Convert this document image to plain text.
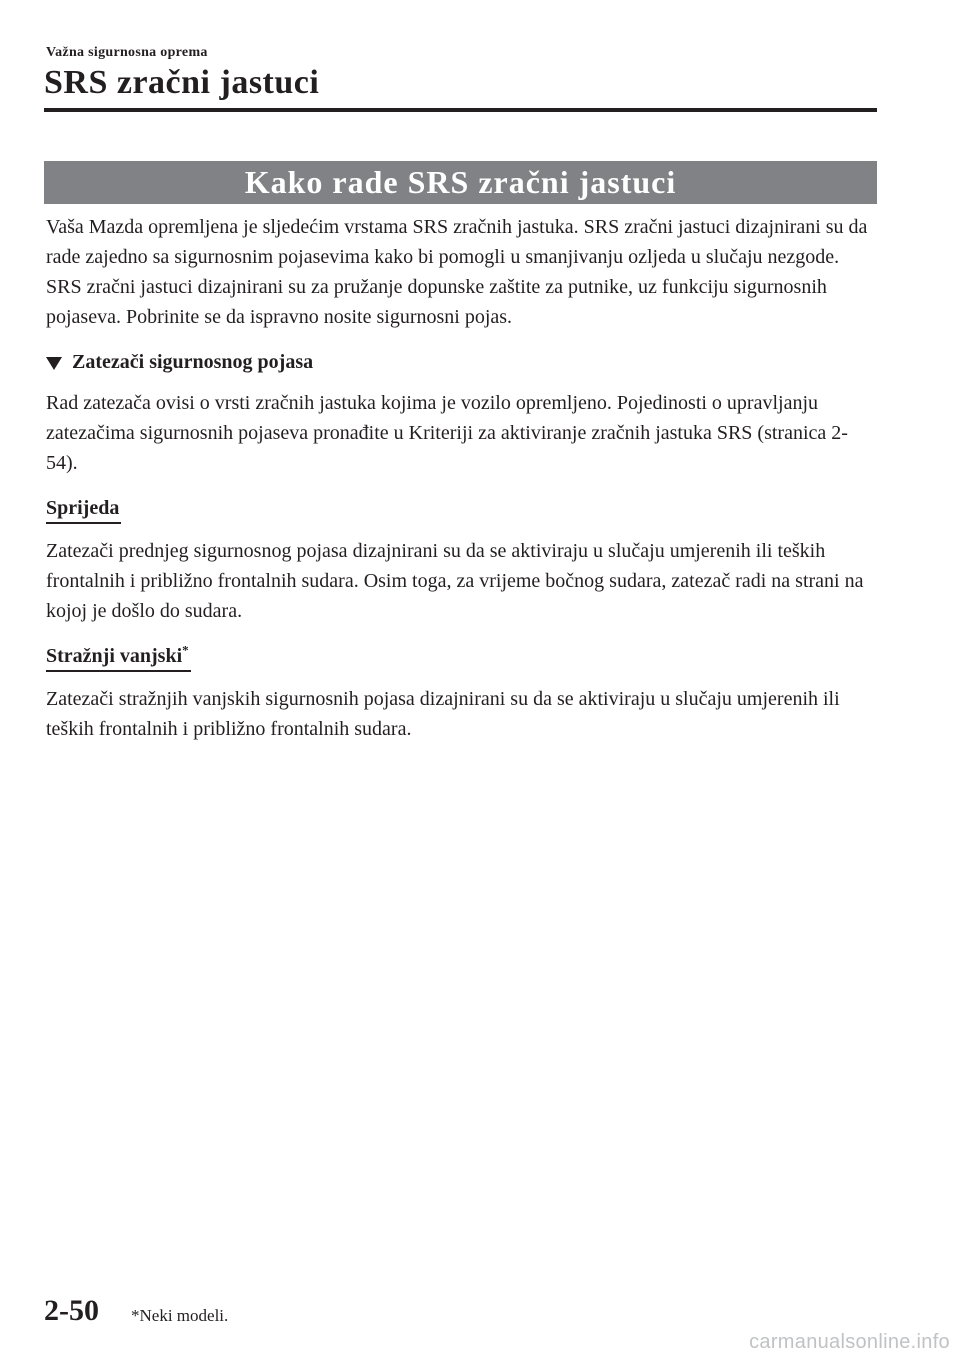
Važna sigurnosna oprema
SRS zračni jastuci
Kako rade SRS zračni jastuci

Vaša Mazda opremljena je sljedećim vrstama SRS zračnih jastuka. SRS zračni jastuci dizajnirani su da rade zajedno sa sigurnosnim pojasevima kako bi pomogli u smanjivanju ozljeda u slučaju nezgode.

SRS zračni jastuci dizajnirani su za pružanje dopunske zaštite za putnike, uz funkciju sigurnosnih pojaseva. Pobrinite se da ispravno nosite sigurnosni pojas.

Zatezači sigurnosnog pojasa

Rad zatezača ovisi o vrsti zračnih jastuka kojima je vozilo opremljeno. Pojedinosti o upravljanju zatezačima sigurnosnih pojaseva pronađite u Kriteriji za aktiviranje zračnih jastuka SRS (stranica 2-54).

Sprijeda

Zatezači prednjeg sigurnosnog pojasa dizajnirani su da se aktiviraju u slučaju umjerenih ili teških frontalnih i približno frontalnih sudara. Osim toga, za vrijeme bočnog sudara, zatezač radi na strani na kojoj je došlo do sudara.

Stražnji vanjski*

Zatezači stražnjih vanjskih sigurnosnih pojasa dizajnirani su da se aktiviraju u slučaju umjerenih ili teških frontalnih i približno frontalnih sudara.

2-50 *Neki modeli.
carmanualsonline.info
